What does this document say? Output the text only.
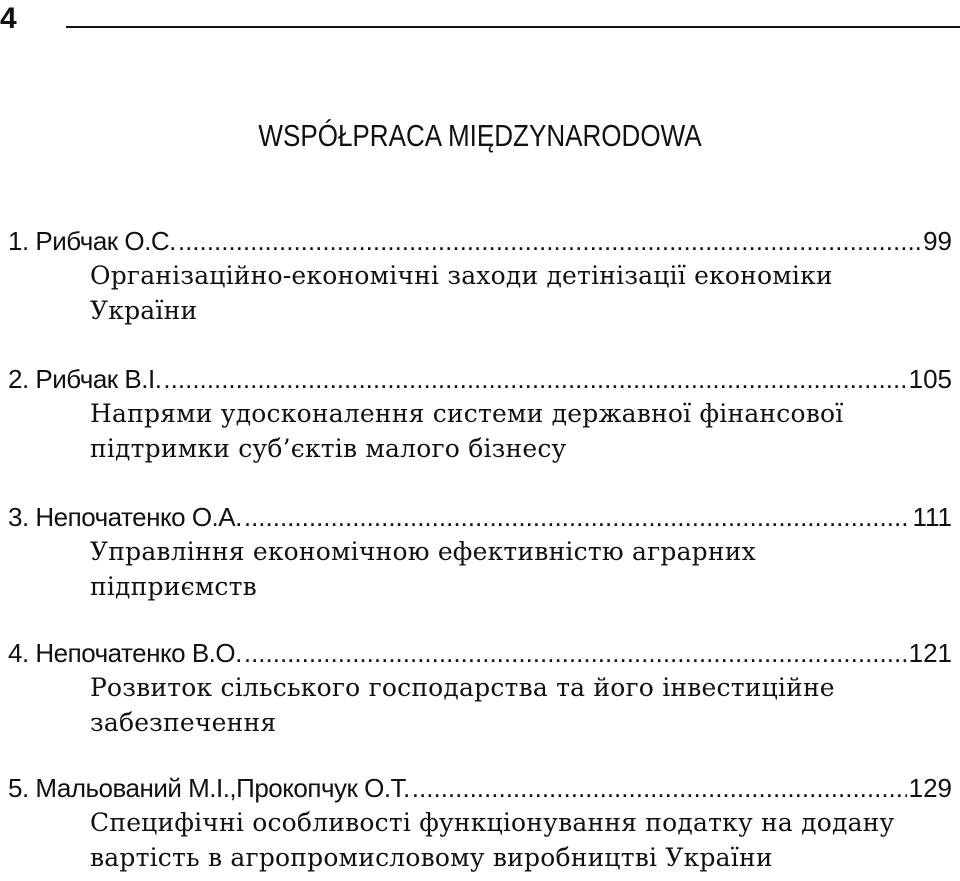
4
WSPÓŁPRACA MIĘDZYNARODOWA
1. Рибчак О.С. .....	99
Організаційно-економічні заходи детінізації економіки
України
2. Рибчак В.І. .....	105
Напрями удосконалення системи державної фінансової
підтримки суб’єктів малого бізнесу
3. Непочатенко О.А. .....	111
Управління економічною ефективністю аграрних
підприємств
4. Непочатенко В.О. .....	121
Розвиток сільського господарства та його інвестиційне
забезпечення
5. Мальований М.І.,Прокопчук О.Т. .....	129
Специфічні особливості функціонування податку на додану
вартість в агропромисловому виробництві України
